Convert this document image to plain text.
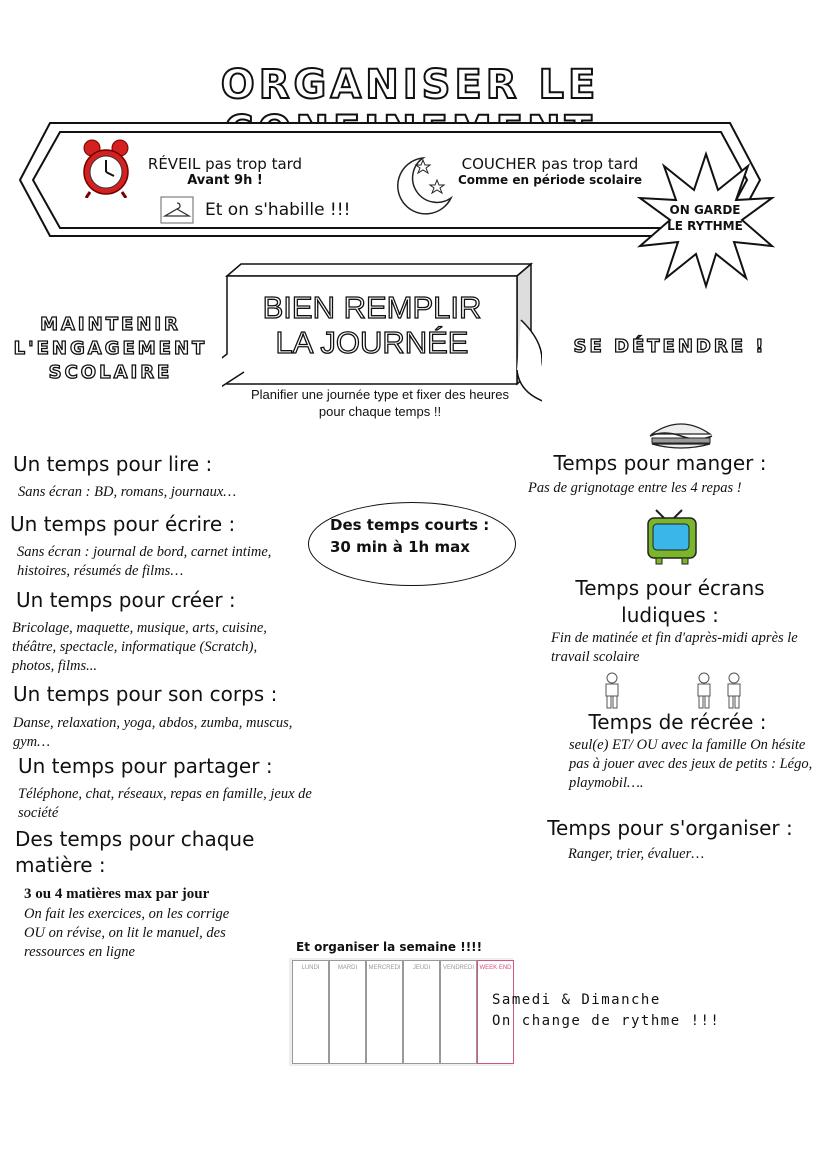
ORGANISER LE
RÉVEIL pas trop tard
Avant 9h !
Et on s'habille !!!
COUCHER pas trop tard
Comme en période scolaire
ON GARDE
LE RYTHME
MAINTENIR
L'ENGAGEMENT
SCOLAIRE
BIEN REMPLIR
LA JOURNÉE
Planifier une journée type et fixer des heures pour chaque temps !!
SE DÉTENDRE !
Un temps pour lire :
Sans écran : BD, romans, journaux…
Un temps pour écrire :
Sans écran : journal de bord, carnet intime, histoires, résumés de films…
Un temps pour créer :
Bricolage, maquette, musique, arts, cuisine, théâtre, spectacle, informatique (Scratch), photos, films...
Un temps pour son corps :
Danse, relaxation, yoga, abdos, zumba, muscus, gym…
Un temps pour partager :
Téléphone, chat, réseaux, repas en famille, jeux de société
Des temps pour chaque matière :
3 ou 4 matières max par jour
On fait les exercices, on les corrige OU on révise, on lit le manuel, des ressources en ligne
Des temps courts :
30 min à 1h max
Temps pour manger :
Pas de grignotage entre les 4 repas !
Temps pour écrans ludiques :
Fin de matinée et fin d'après-midi après le travail scolaire
Temps de récrée :
seul(e) ET/ OU avec la famille On hésite pas à jouer avec des jeux de petits : Légo, playmobil….
Temps pour s'organiser :
Ranger, trier, évaluer…
Et organiser la semaine !!!!
LUNDI	MARDI	MERCREDI	JEUDI	VENDREDI WEEK END
Samedi & Dimanche
On change de rythme !!!
